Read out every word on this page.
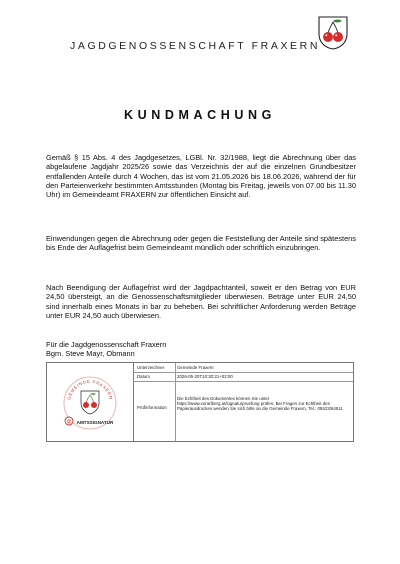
JAGDGENOSSENSCHAFT FRAXERN
KUNDMACHUNG
Gemäß § 15 Abs. 4 des Jagdgesetzes, LGBl. Nr. 32/1988, liegt die Abrechnung über das abgelaufene Jagdjahr 2025/26 sowie das Verzeichnis der auf die einzelnen Grundbesitzer entfallenden Anteile durch 4 Wochen, das ist vom 21.05.2026 bis 18.06.2026, während der für den Parteienverkehr bestimmten Amtsstunden (Montag bis Freitag, jeweils von 07.00 bis 11.30 Uhr) im Gemeindeamt FRAXERN zur öffentlichen Einsicht auf.
Einwendungen gegen die Abrechnung oder gegen die Feststellung der Anteile sind spätestens bis Ende der Auflagefrist beim Gemeindeamt mündlich oder schriftlich einzubringen.
Nach Beendigung der Auflagefrist wird der Jagdpachtanteil, soweit er den Betrag von EUR 24,50 übersteigt, an die Genossenschaftsmitglieder überwiesen. Beträge unter EUR 24,50 sind innerhalb eines Monats in bar zu beheben. Bei schriftlicher Anforderung werden Beträge unter EUR 24,50 auch überwiesen.
Für die Jagdgenossenschaft Fraxern
Bgm. Steve Mayr, Obmann
GEMEINDE FRAXERN
@ AMTSSIGNATUR
Unterzeichner	Gemeinde Fraxern
Datum	2026-05-20T10:30:21+02:00
Prüfinformation
Die Echtheit des Dokumentes können Sie unter https://www.vorarlberg.at/signaturpruefung prüfen. Bei Fragen zur Echtheit des Papierausdruckes wenden Sie sich bitte an die Gemeinde Fraxern, Tel.: 05523/64511
